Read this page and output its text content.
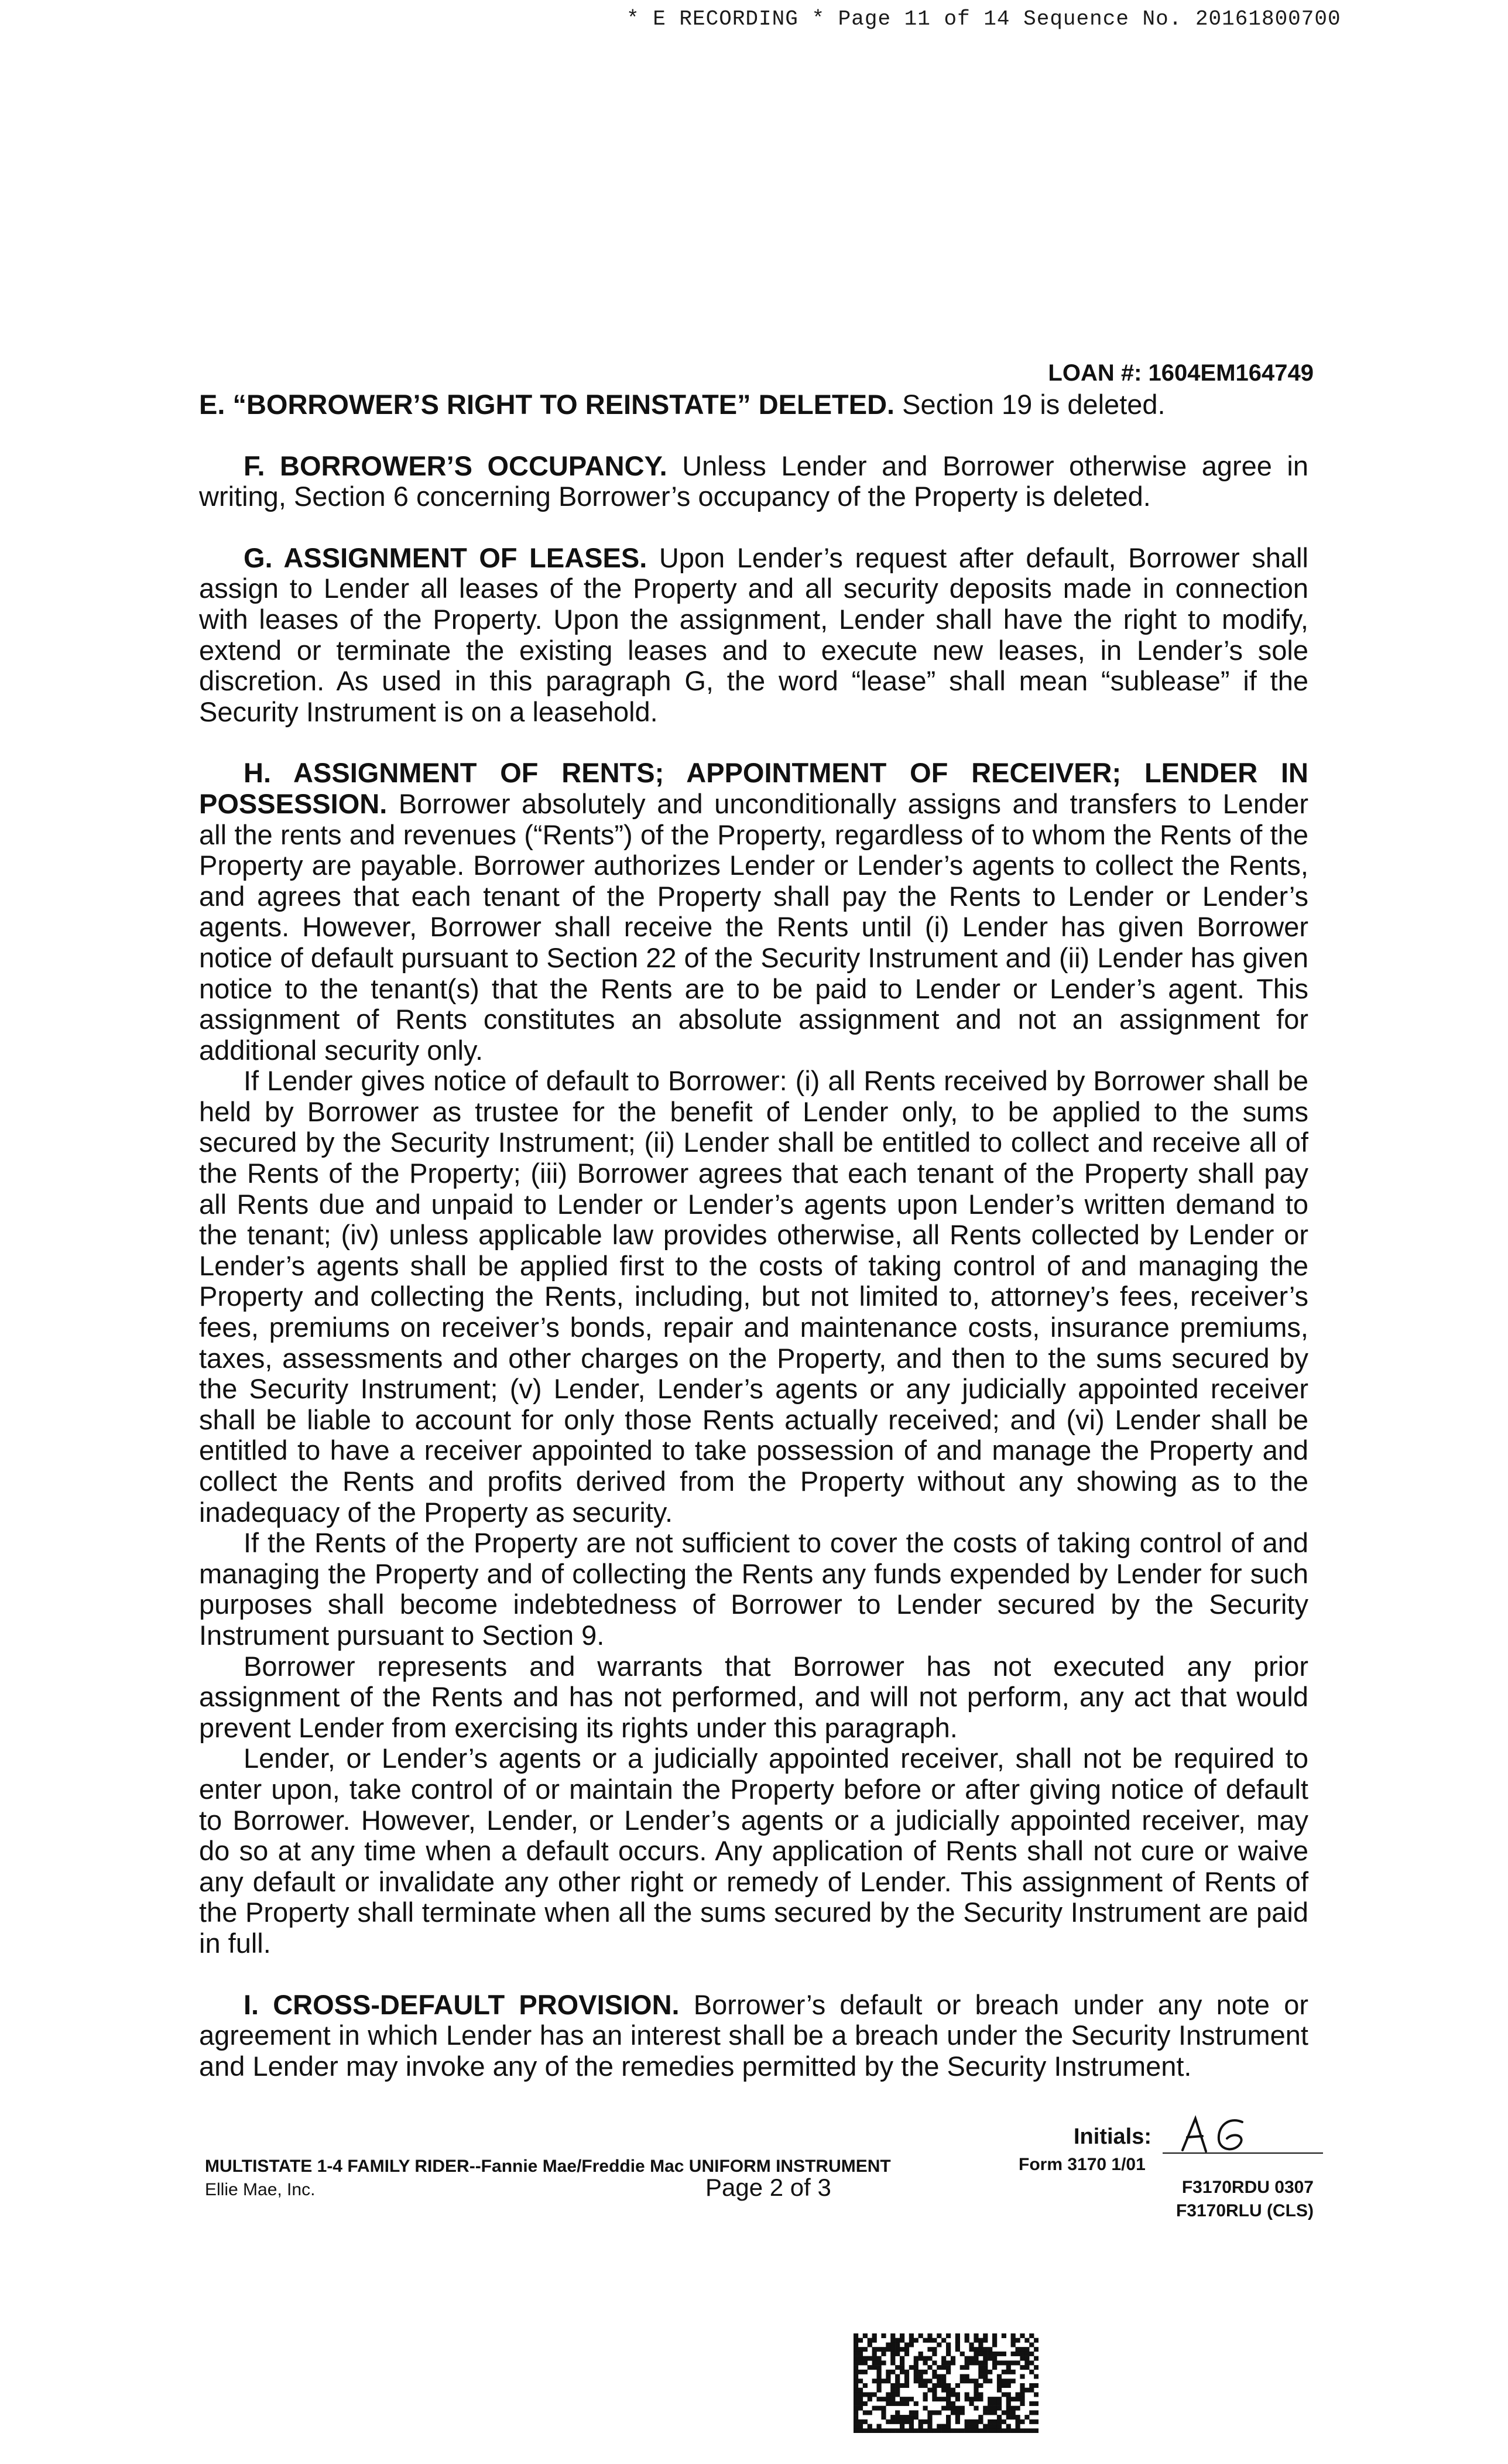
* E RECORDING * Page 11 of 14 Sequence No. 20161800700
LOAN #: 1604EM164749

E. “BORROWER’S RIGHT TO REINSTATE” DELETED. Section 19 is deleted.

F. BORROWER’S OCCUPANCY. Unless Lender and Borrower otherwise agree in writing, Section 6 concerning Borrower’s occupancy of the Property is deleted.

G. ASSIGNMENT OF LEASES. Upon Lender’s request after default, Borrower shall assign to Lender all leases of the Property and all security deposits made in connection with leases of the Property. Upon the assignment, Lender shall have the right to modify, extend or terminate the existing leases and to execute new leases, in Lender’s sole discretion. As used in this paragraph G, the word “lease” shall mean “sublease” if the Security Instrument is on a leasehold.

H. ASSIGNMENT OF RENTS; APPOINTMENT OF RECEIVER; LENDER IN POSSESSION. Borrower absolutely and unconditionally assigns and transfers to Lender all the rents and revenues (“Rents”) of the Property, regardless of to whom the Rents of the Property are payable. Borrower authorizes Lender or Lender’s agents to collect the Rents, and agrees that each tenant of the Property shall pay the Rents to Lender or Lender’s agents. However, Borrower shall receive the Rents until (i) Lender has given Borrower notice of default pursuant to Section 22 of the Security Instrument and (ii) Lender has given notice to the tenant(s) that the Rents are to be paid to Lender or Lender’s agent. This assignment of Rents constitutes an absolute assignment and not an assignment for additional security only.

If Lender gives notice of default to Borrower: (i) all Rents received by Borrower shall be held by Borrower as trustee for the benefit of Lender only, to be applied to the sums secured by the Security Instrument; (ii) Lender shall be entitled to collect and receive all of the Rents of the Property; (iii) Borrower agrees that each tenant of the Property shall pay all Rents due and unpaid to Lender or Lender’s agents upon Lender’s written demand to the tenant; (iv) unless applicable law provides otherwise, all Rents collected by Lender or Lender’s agents shall be applied first to the costs of taking control of and managing the Property and collecting the Rents, including, but not limited to, attorney’s fees, receiver’s fees, premiums on receiver’s bonds, repair and maintenance costs, insurance premiums, taxes, assessments and other charges on the Property, and then to the sums secured by the Security Instrument; (v) Lender, Lender’s agents or any judicially appointed receiver shall be liable to account for only those Rents actually received; and (vi) Lender shall be entitled to have a receiver appointed to take possession of and manage the Property and collect the Rents and profits derived from the Property without any showing as to the inadequacy of the Property as security.

If the Rents of the Property are not sufficient to cover the costs of taking control of and managing the Property and of collecting the Rents any funds expended by Lender for such purposes shall become indebtedness of Borrower to Lender secured by the Security Instrument pursuant to Section 9.

Borrower represents and warrants that Borrower has not executed any prior assignment of the Rents and has not performed, and will not perform, any act that would prevent Lender from exercising its rights under this paragraph.

Lender, or Lender’s agents or a judicially appointed receiver, shall not be required to enter upon, take control of or maintain the Property before or after giving notice of default to Borrower. However, Lender, or Lender’s agents or a judicially appointed receiver, may do so at any time when a default occurs. Any application of Rents shall not cure or waive any default or invalidate any other right or remedy of Lender. This assignment of Rents of the Property shall terminate when all the sums secured by the Security Instrument are paid in full.

I. CROSS-DEFAULT PROVISION. Borrower’s default or breach under any note or agreement in which Lender has an interest shall be a breach under the Security Instrument and Lender may invoke any of the remedies permitted by the Security Instrument.

MULTISTATE 1-4 FAMILY RIDER--Fannie Mae/Freddie Mac UNIFORM INSTRUMENT
Ellie Mae, Inc.	Page 2 of 3
Initials:
Form 3170 1/01
F3170RDU 0307
F3170RLU (CLS)
